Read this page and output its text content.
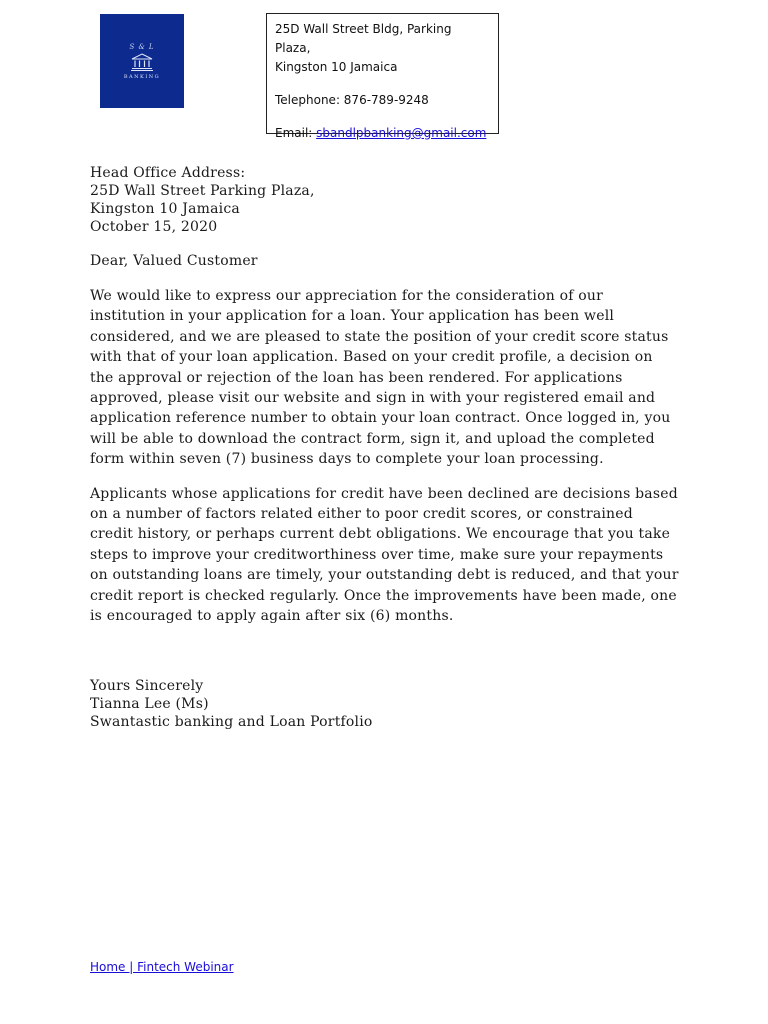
S & L
BANKING

25D Wall Street Bldg, Parking Plaza,

Kingston 10 Jamaica

Telephone: 876-789-9248

Email: sbandlpbanking@gmail.com

Head Office Address:

25D Wall Street Parking Plaza,

Kingston 10 Jamaica

October 15, 2020

Dear, Valued Customer

We would like to express our appreciation for the consideration of our institution in your application for a loan. Your application has been well considered, and we are pleased to state the position of your credit score status with that of your loan application. Based on your credit profile, a decision on the approval or rejection of the loan has been rendered. For applications approved, please visit our website and sign in with your registered email and application reference number to obtain your loan contract. Once logged in, you will be able to download the contract form, sign it, and upload the completed form within seven (7) business days to complete your loan processing.

Applicants whose applications for credit have been declined are decisions based on a number of factors related either to poor credit scores, or constrained credit history, or perhaps current debt obligations. We encourage that you take steps to improve your creditworthiness over time, make sure your repayments on outstanding loans are timely, your outstanding debt is reduced, and that your credit report is checked regularly. Once the improvements have been made, one is encouraged to apply again after six (6) months.

Yours Sincerely

Tianna Lee (Ms)

Swantastic banking and Loan Portfolio

Home | Fintech Webinar
